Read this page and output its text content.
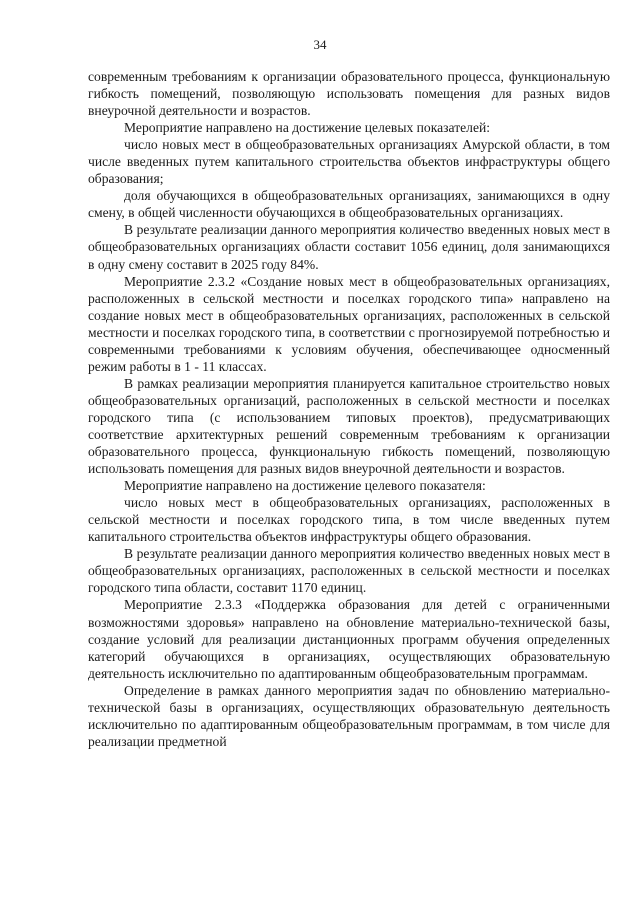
34

современным требованиям к организации образовательного процесса, функциональную гибкость помещений, позволяющую использовать помещения для разных видов внеурочной деятельности и возрастов.

Мероприятие направлено на достижение целевых показателей:

число новых мест в общеобразовательных организациях Амурской области, в том числе введенных путем капитального строительства объектов инфраструктуры общего образования;

доля обучающихся в общеобразовательных организациях, занимающихся в одну смену, в общей численности обучающихся в общеобразовательных организациях.

В результате реализации данного мероприятия количество введенных новых мест в общеобразовательных организациях области составит 1056 единиц, доля занимающихся в одну смену составит в 2025 году 84%.

Мероприятие 2.3.2 «Создание новых мест в общеобразовательных организациях, расположенных в сельской местности и поселках городского типа» направлено на создание новых мест в общеобразовательных организациях, расположенных в сельской местности и поселках городского типа, в соответствии с прогнозируемой потребностью и современными требованиями к условиям обучения, обеспечивающее односменный режим работы в 1 - 11 классах.

В рамках реализации мероприятия планируется капитальное строительство новых общеобразовательных организаций, расположенных в сельской местности и поселках городского типа (с использованием типовых проектов), предусматривающих соответствие архитектурных решений современным требованиям к организации образовательного процесса, функциональную гибкость помещений, позволяющую использовать помещения для разных видов внеурочной деятельности и возрастов.

Мероприятие направлено на достижение целевого показателя:

число новых мест в общеобразовательных организациях, расположенных в сельской местности и поселках городского типа, в том числе введенных путем капитального строительства объектов инфраструктуры общего образования.

В результате реализации данного мероприятия количество введенных новых мест в общеобразовательных организациях, расположенных в сельской местности и поселках городского типа области, составит 1170 единиц.

Мероприятие 2.3.3 «Поддержка образования для детей с ограниченными возможностями здоровья» направлено на обновление материально-технической базы, создание условий для реализации дистанционных программ обучения определенных категорий обучающихся в организациях, осуществляющих образовательную деятельность исключительно по адаптированным общеобразовательным программам.

Определение в рамках данного мероприятия задач по обновлению материально-технической базы в организациях, осуществляющих образовательную деятельность исключительно по адаптированным общеобразовательным программам, в том числе для реализации предметной
